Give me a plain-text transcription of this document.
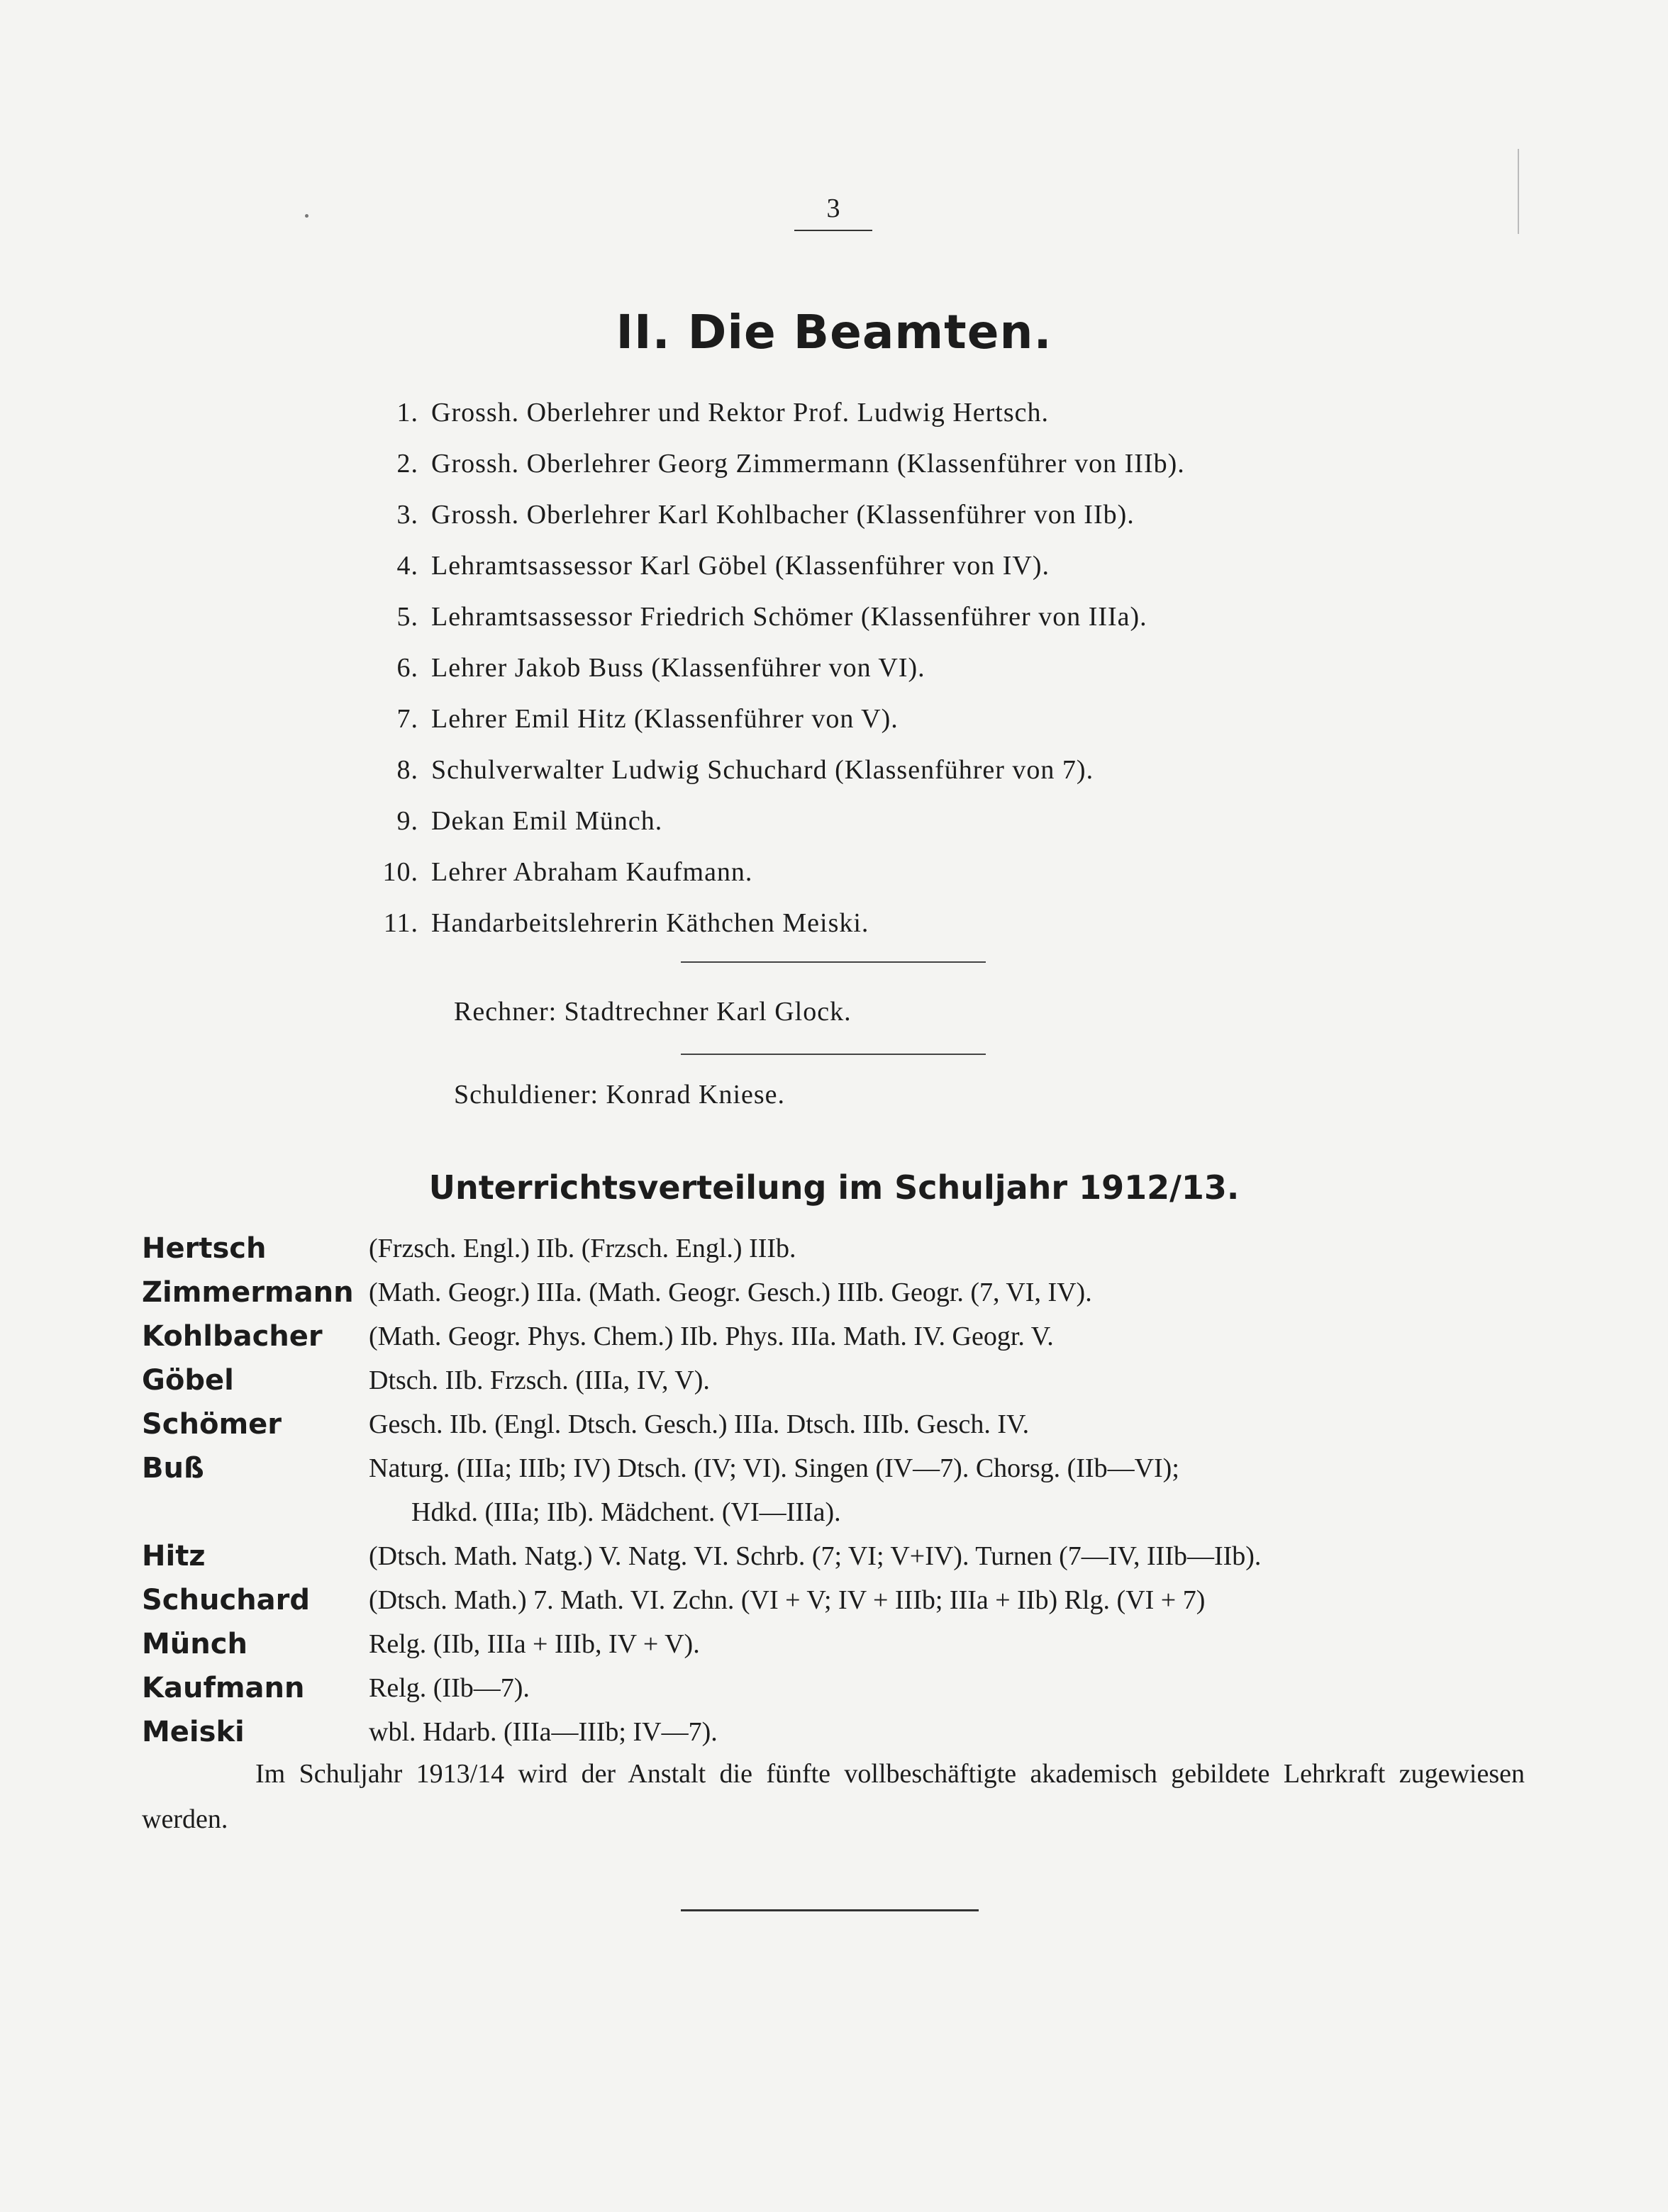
3
II. Die Beamten.
1. Grossh. Oberlehrer und Rektor Prof. Ludwig Hertsch.
2. Grossh. Oberlehrer Georg Zimmermann (Klassenführer von IIIb).
3. Grossh. Oberlehrer Karl Kohlbacher (Klassenführer von IIb).
4. Lehramtsassessor Karl Göbel (Klassenführer von IV).
5. Lehramtsassessor Friedrich Schömer (Klassenführer von IIIa).
6. Lehrer Jakob Buss (Klassenführer von VI).
7. Lehrer Emil Hitz (Klassenführer von V).
8. Schulverwalter Ludwig Schuchard (Klassenführer von 7).
9. Dekan Emil Münch.
10. Lehrer Abraham Kaufmann.
11. Handarbeitslehrerin Käthchen Meiski.
Rechner: Stadtrechner Karl Glock.
Schuldiener: Konrad Kniese.
Unterrichtsverteilung im Schuljahr 1912/13.
Hertsch	(Frzsch. Engl.) IIb. (Frzsch. Engl.) IIIb.
Zimmermann (Math. Geogr.) IIIa. (Math. Geogr. Gesch.) IIIb. Geogr. (7, VI, IV).
Kohlbacher	(Math. Geogr. Phys. Chem.) IIb. Phys. IIIa. Math. IV. Geogr. V.
Göbel	Dtsch. IIb. Frzsch. (IIIa, IV, V).
Schömer	Gesch. IIb. (Engl. Dtsch. Gesch.) IIIa. Dtsch. IIIb. Gesch. IV.
Buß	Naturg. (IIIa; IIIb; IV) Dtsch. (IV; VI). Singen (IV—7). Chorsg. (IIb—VI);
Hdkd. (IIIa; IIb). Mädchent. (VI—IIIa).
Hitz	(Dtsch. Math. Natg.) V. Natg. VI. Schrb. (7; VI; V+IV). Turnen (7—IV, IIIb—IIb).
Schuchard	(Dtsch. Math.) 7. Math. VI. Zchn. (VI + V; IV + IIIb; IIIa + IIb) Rlg. (VI + 7)
Münch	Relg. (IIb, IIIa + IIIb, IV + V).
Kaufmann	Relg. (IIb—7).
Meiski	wbl. Hdarb. (IIIa—IIIb; IV—7).
Im Schuljahr 1913/14 wird der Anstalt die fünfte vollbeschäftigte akademisch gebildete Lehrkraft zugewiesen werden.
